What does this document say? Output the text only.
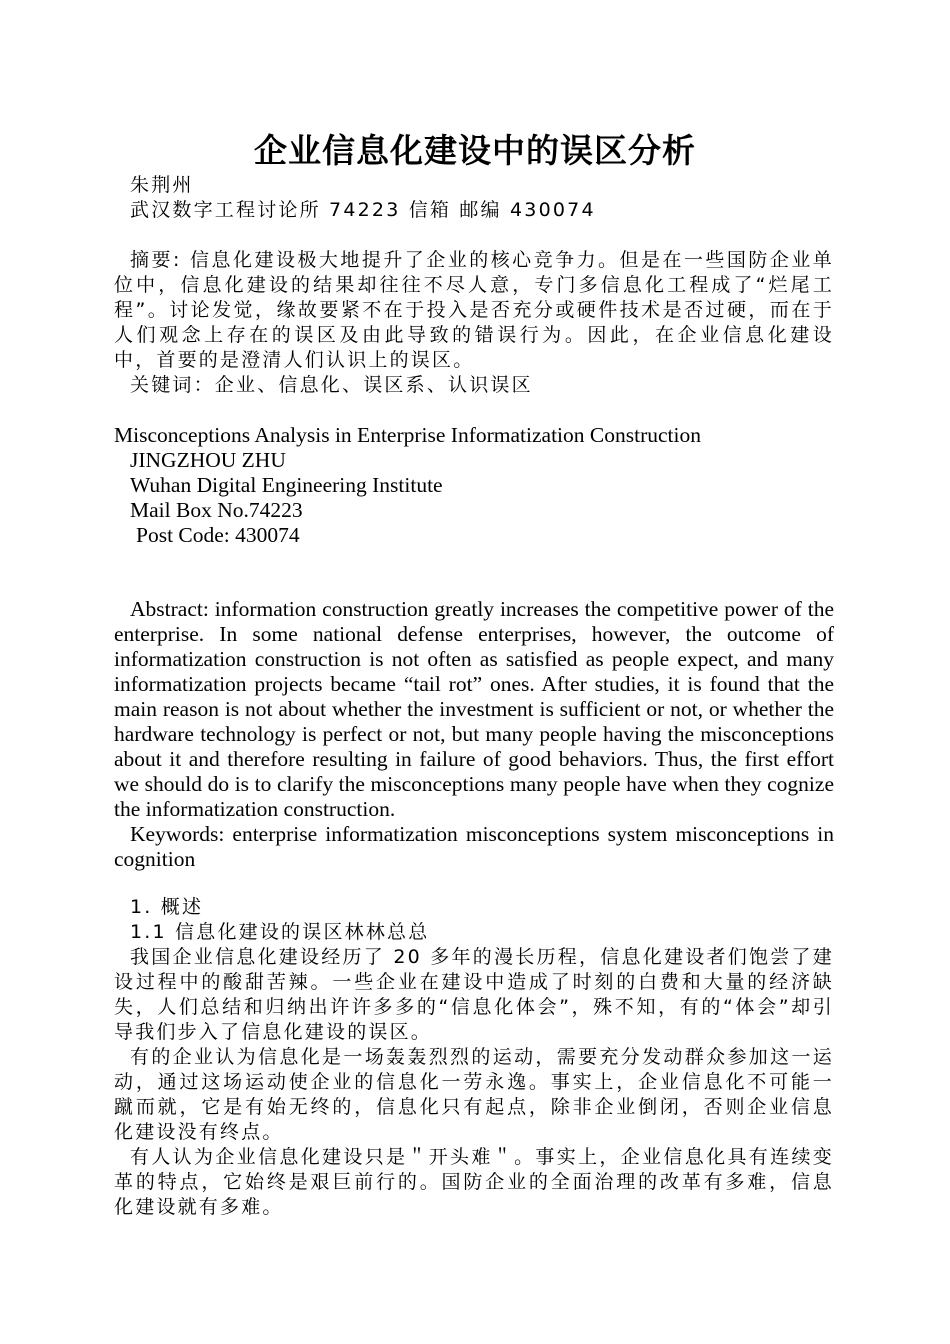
企业信息化建设中的误区分析

朱荆州

武汉数字工程讨论所 74223 信箱 邮编 430074

摘要: 信息化建设极大地提升了企业的核心竞争力。但是在一些国防企业单位中，信息化建设的结果却往往不尽人意，专门多信息化工程成了“烂尾工程”。讨论发觉，缘故要紧不在于投入是否充分或硬件技术是否过硬，而在于人们观念上存在的误区及由此导致的错误行为。因此，在企业信息化建设中，首要的是澄清人们认识上的误区。

关键词：企业、信息化、误区系、认识误区

Misconceptions Analysis in Enterprise Informatization Construction

JINGZHOU ZHU

Wuhan Digital Engineering Institute

Mail Box No.74223

Post Code: 430074

Abstract: information construction greatly increases the competitive power of the enterprise. In some national defense enterprises, however, the outcome of informatization construction is not often as satisfied as people expect, and many informatization projects became “tail rot” ones. After studies, it is found that the main reason is not about whether the investment is sufficient or not, or whether the hardware technology is perfect or not, but many people having the misconceptions about it and therefore resulting in failure of good behaviors. Thus, the first effort we should do is to clarify the misconceptions many people have when they cognize the informatization construction.

Keywords: enterprise informatization misconceptions system misconceptions in cognition

1. 概述

1.1 信息化建设的误区林林总总

我国企业信息化建设经历了 20 多年的漫长历程，信息化建设者们饱尝了建设过程中的酸甜苦辣。一些企业在建设中造成了时刻的白费和大量的经济缺失，人们总结和归纳出许许多多的“信息化体会”，殊不知，有的“体会”却引导我们步入了信息化建设的误区。

有的企业认为信息化是一场轰轰烈烈的运动，需要充分发动群众参加这一运动，通过这场运动使企业的信息化一劳永逸。事实上，企业信息化不可能一蹴而就，它是有始无终的，信息化只有起点，除非企业倒闭，否则企业信息化建设没有终点。

有人认为企业信息化建设只是＂开头难＂。事实上，企业信息化具有连续变革的特点，它始终是艰巨前行的。国防企业的全面治理的改革有多难，信息化建设就有多难。
